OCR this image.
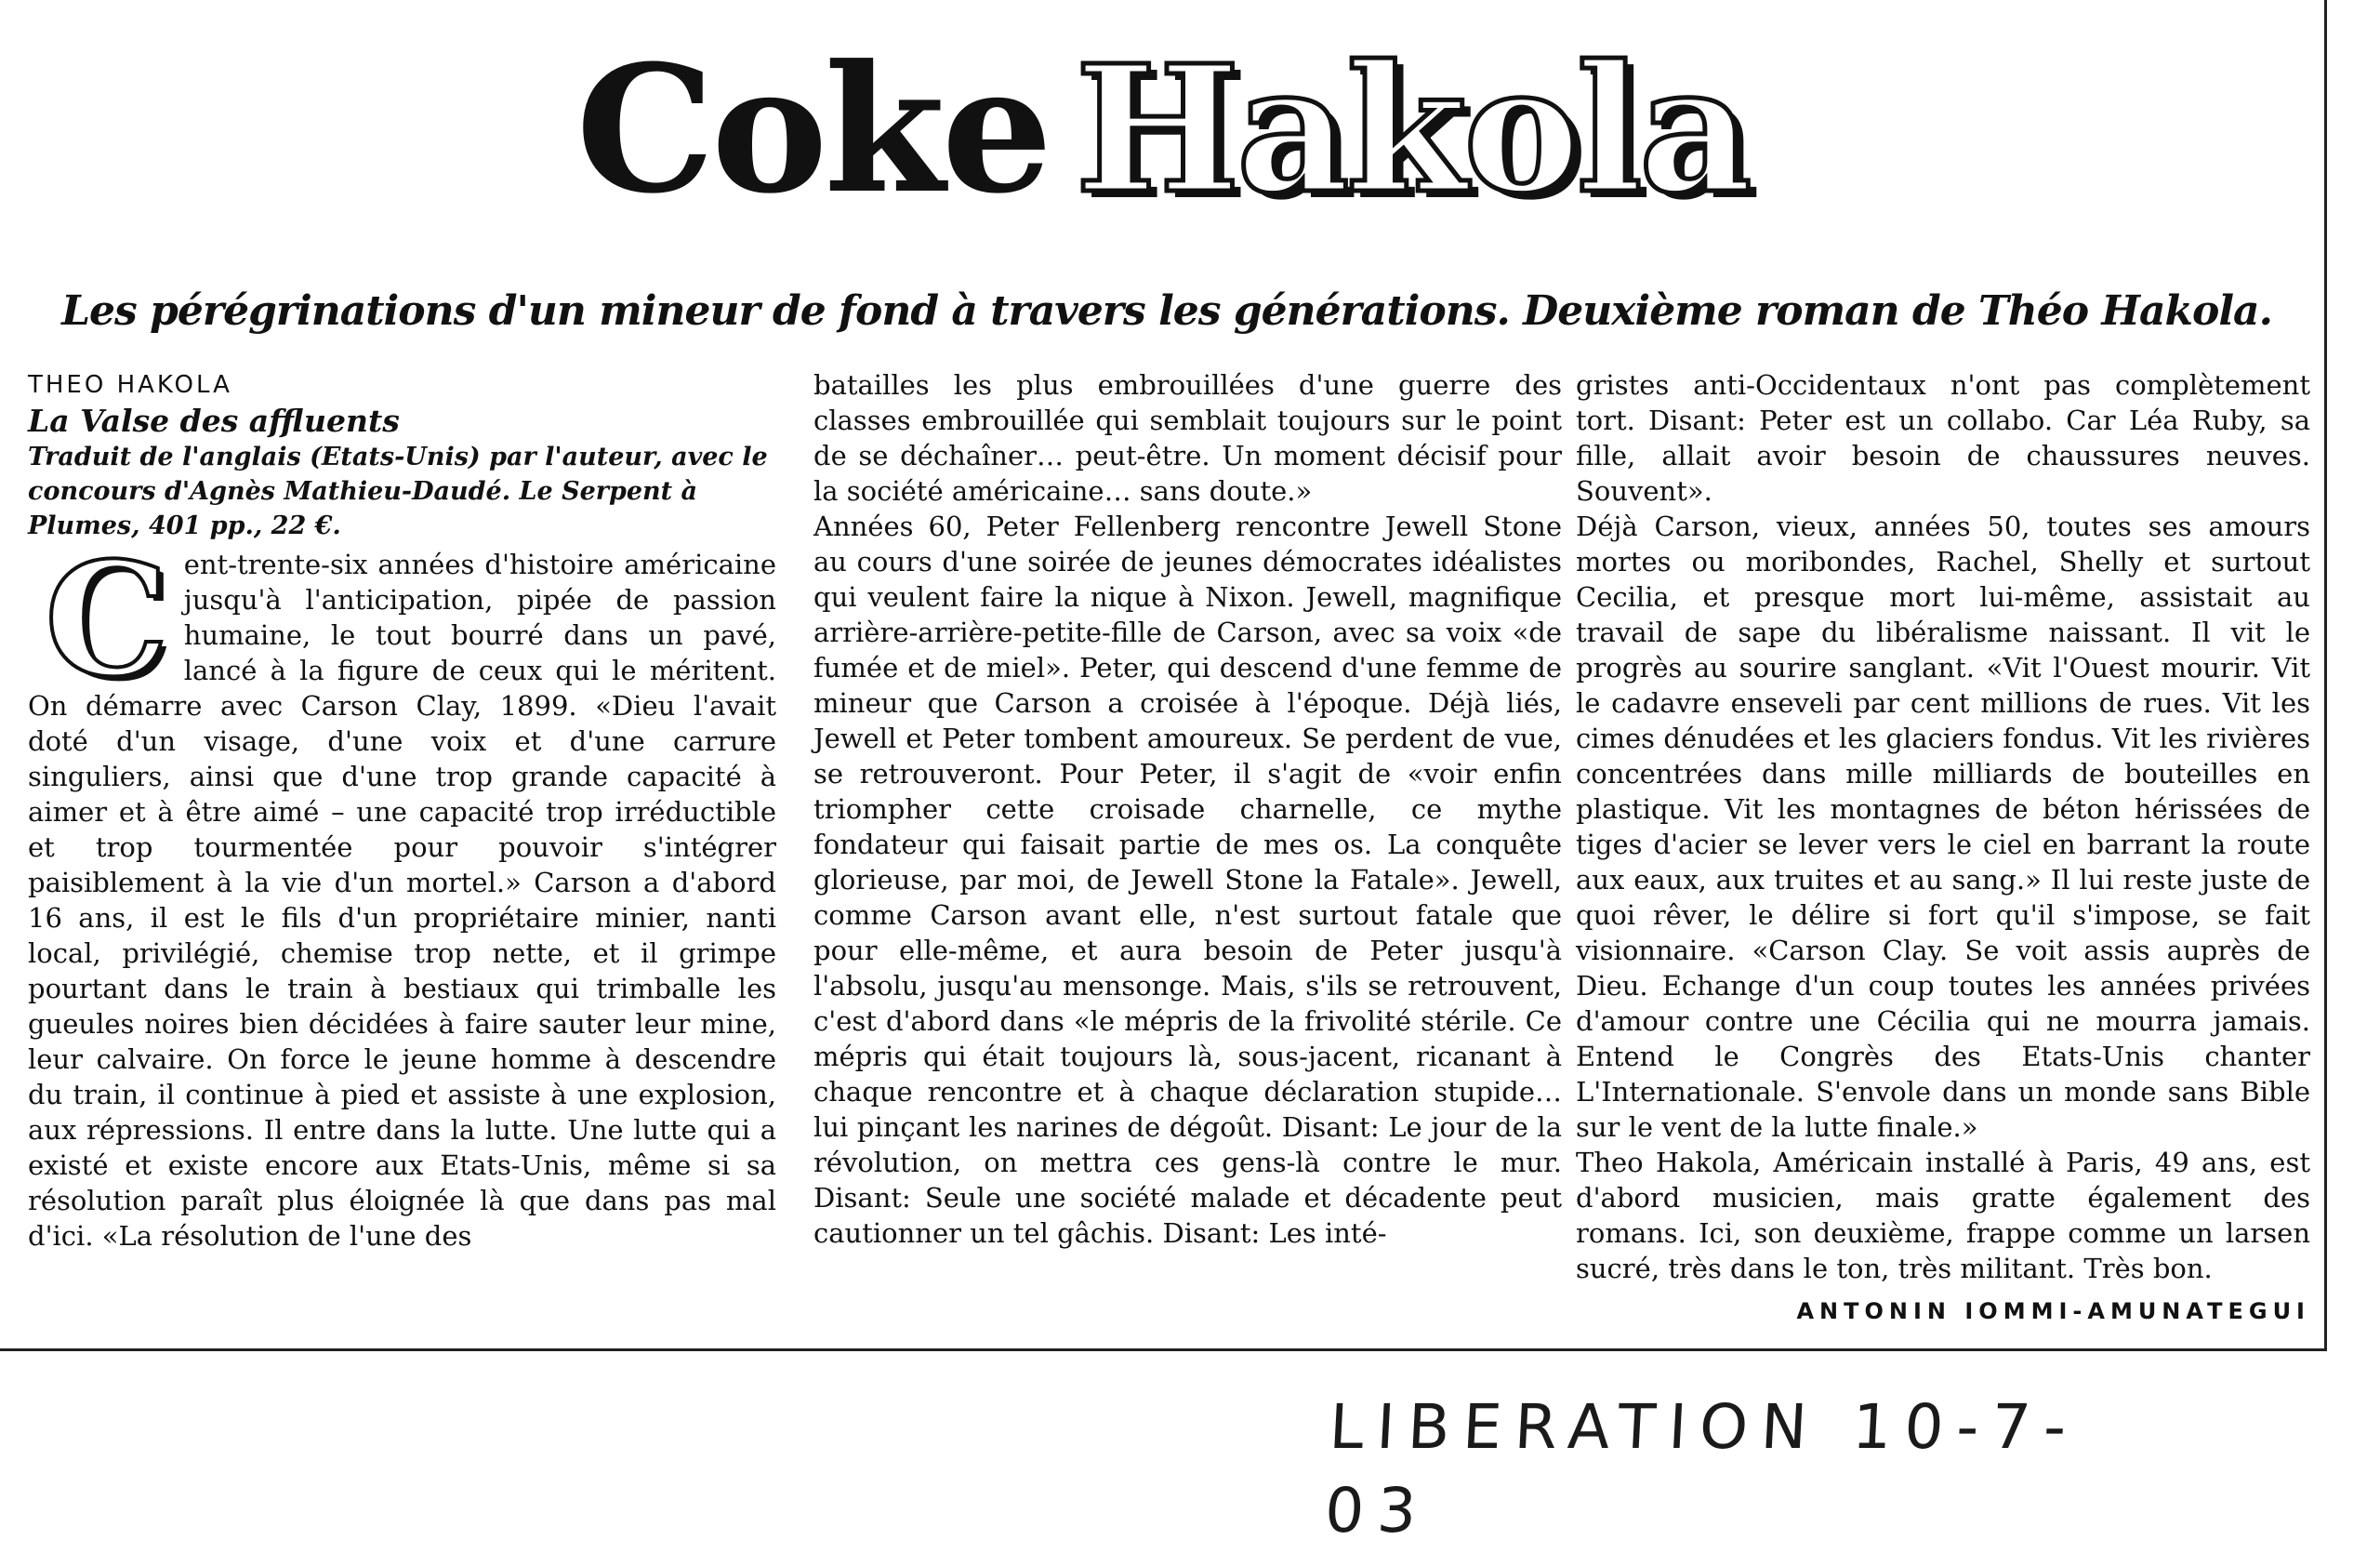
Coke Hakola
Les pérégrinations d'un mineur de fond à travers les générations. Deuxième roman de Théo Hakola.
THEO HAKOLA
La Valse des affluents
Traduit de l'anglais (Etats-Unis) par l'auteur, avec le concours d'Agnès Mathieu-Daudé. Le Serpent à Plumes, 401 pp., 22 €.
C ent-trente-six années d'histoire américaine jusqu'à l'anticipation, pipée de passion humaine, le tout bourré dans un pavé, lancé à la figure de ceux qui le méritent. On démarre avec Carson Clay, 1899. «Dieu l'avait doté d'un visage, d'une voix et d'une carrure singuliers, ainsi que d'une trop grande capacité à aimer et à être aimé – une capacité trop irréductible et trop tourmentée pour pouvoir s'intégrer paisiblement à la vie d'un mortel.» Carson a d'abord 16 ans, il est le fils d'un propriétaire minier, nanti local, privilégié, chemise trop nette, et il grimpe pourtant dans le train à bestiaux qui trimballe les gueules noires bien décidées à faire sauter leur mine, leur calvaire. On force le jeune homme à descendre du train, il continue à pied et assiste à une explosion, aux répressions. Il entre dans la lutte. Une lutte qui a existé et existe encore aux Etats-Unis, même si sa résolution paraît plus éloignée là que dans pas mal d'ici. «La résolution de l'une des

batailles les plus embrouillées d'une guerre des classes embrouillée qui semblait toujours sur le point de se déchaîner… peut-être. Un moment décisif pour la société américaine… sans doute.»

Années 60, Peter Fellenberg rencontre Jewell Stone au cours d'une soirée de jeunes démocrates idéalistes qui veulent faire la nique à Nixon. Jewell, magnifique arrière-arrière-petite-fille de Carson, avec sa voix «de fumée et de miel». Peter, qui descend d'une femme de mineur que Carson a croisée à l'époque. Déjà liés, Jewell et Peter tombent amoureux. Se perdent de vue, se retrouveront. Pour Peter, il s'agit de «voir enfin triompher cette croisade charnelle, ce mythe fondateur qui faisait partie de mes os. La conquête glorieuse, par moi, de Jewell Stone la Fatale». Jewell, comme Carson avant elle, n'est surtout fatale que pour elle-même, et aura besoin de Peter jusqu'à l'absolu, jusqu'au mensonge. Mais, s'ils se retrouvent, c'est d'abord dans «le mépris de la frivolité stérile. Ce mépris qui était toujours là, sous-jacent, ricanant à chaque rencontre et à chaque déclaration stupide… lui pinçant les narines de dégoût. Disant: Le jour de la révolution, on mettra ces gens-là contre le mur. Disant: Seule une société malade et décadente peut cautionner un tel gâchis. Disant: Les inté-

gristes anti-Occidentaux n'ont pas complètement tort. Disant: Peter est un collabo. Car Léa Ruby, sa fille, allait avoir besoin de chaussures neuves. Souvent».

Déjà Carson, vieux, années 50, toutes ses amours mortes ou moribondes, Rachel, Shelly et surtout Cecilia, et presque mort lui-même, assistait au travail de sape du libéralisme naissant. Il vit le progrès au sourire sanglant. «Vit l'Ouest mourir. Vit le cadavre enseveli par cent millions de rues. Vit les cimes dénudées et les glaciers fondus. Vit les rivières concentrées dans mille milliards de bouteilles en plastique. Vit les montagnes de béton hérissées de tiges d'acier se lever vers le ciel en barrant la route aux eaux, aux truites et au sang.» Il lui reste juste de quoi rêver, le délire si fort qu'il s'impose, se fait visionnaire. «Carson Clay. Se voit assis auprès de Dieu. Echange d'un coup toutes les années privées d'amour contre une Cécilia qui ne mourra jamais. Entend le Congrès des Etats-Unis chanter L'Internationale. S'envole dans un monde sans Bible sur le vent de la lutte finale.»

Theo Hakola, Américain installé à Paris, 49 ans, est d'abord musicien, mais gratte également des romans. Ici, son deuxième, frappe comme un larsen sucré, très dans le ton, très militant. Très bon.

ANTONIN IOMMI-AMUNATEGUI
LIBERATION 10-7-03
